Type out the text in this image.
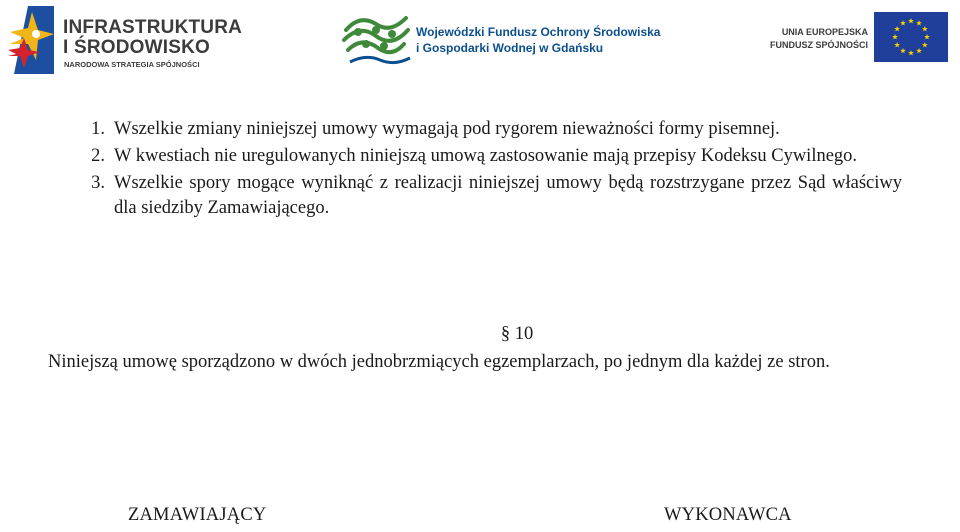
INFRASTRUKTURA
I ŚRODOWISKO
NARODOWA STRATEGIA SPÓJNOŚCI
Wojewódzki Fundusz Ochrony Środowiska
i Gospodarki Wodnej w Gdańsku
UNIA EUROPEJSKA
FUNDUSZ SPÓJNOŚCI
1. Wszelkie zmiany niniejszej umowy wymagają pod rygorem nieważności formy pisemnej.
2. W kwestiach nie uregulowanych niniejszą umową zastosowanie mają przepisy Kodeksu Cywilnego.
3. Wszelkie spory mogące wyniknąć z realizacji niniejszej umowy będą rozstrzygane przez Sąd właściwy dla siedziby Zamawiającego.
§ 10
Niniejszą umowę sporządzono w dwóch jednobrzmiących egzemplarzach, po jednym dla każdej ze stron.
ZAMAWIAJĄCY	WYKONAWCA
